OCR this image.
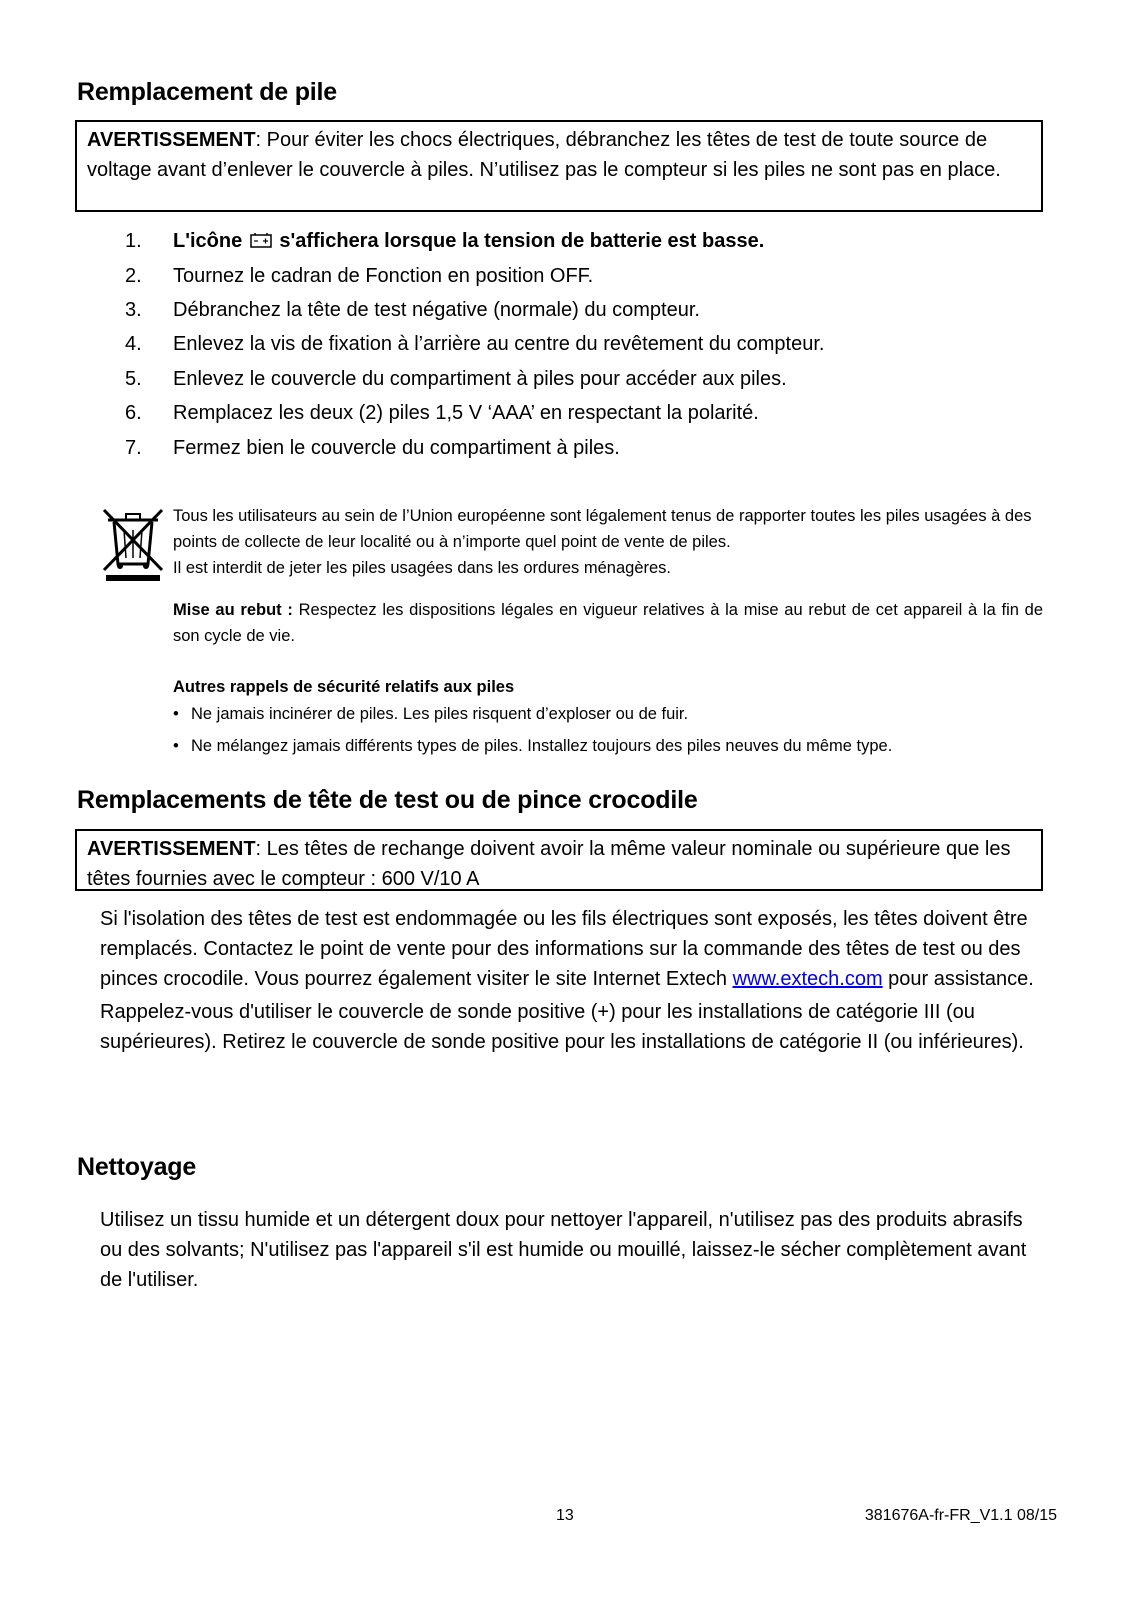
Remplacement de pile
AVERTISSEMENT: Pour éviter les chocs électriques, débranchez les têtes de test de toute source de voltage avant d’enlever le couvercle à piles. N’utilisez pas le compteur si les piles ne sont pas en place.
1.	L'icône s'affichera lorsque la tension de batterie est basse.
2.	Tournez le cadran de Fonction en position OFF.
3.	Débranchez la tête de test négative (normale) du compteur.
4.	Enlevez la vis de fixation à l’arrière au centre du revêtement du compteur.
5.	Enlevez le couvercle du compartiment à piles pour accéder aux piles.
6.	Remplacez les deux (2) piles 1,5 V ‘AAA’ en respectant la polarité.
7.	Fermez bien le couvercle du compartiment à piles.

Tous les utilisateurs au sein de l’Union européenne sont légalement tenus de rapporter toutes les piles usagées à des points de collecte de leur localité ou à n’importe quel point de vente de piles.

Il est interdit de jeter les piles usagées dans les ordures ménagères.

Mise au rebut : Respectez les dispositions légales en vigueur relatives à la mise au rebut de cet appareil à la fin de son cycle de vie.
Autres rappels de sécurité relatifs aux piles
• Ne jamais incinérer de piles. Les piles risquent d’exploser ou de fuir.
• Ne mélangez jamais différents types de piles. Installez toujours des piles neuves du même type.
Remplacements de tête de test ou de pince crocodile
AVERTISSEMENT: Les têtes de rechange doivent avoir la même valeur nominale ou supérieure que les têtes fournies avec le compteur : 600 V/10 A

Si l'isolation des têtes de test est endommagée ou les fils électriques sont exposés, les têtes doivent être remplacés. Contactez le point de vente pour des informations sur la commande des têtes de test ou des pinces crocodile. Vous pourrez également visiter le site Internet Extech www.extech.com pour assistance.

Rappelez-vous d'utiliser le couvercle de sonde positive (+) pour les installations de catégorie III (ou supérieures). Retirez le couvercle de sonde positive pour les installations de catégorie II (ou inférieures).

Nettoyage

Utilisez un tissu humide et un détergent doux pour nettoyer l'appareil, n'utilisez pas des produits abrasifs ou des solvants; N'utilisez pas l'appareil s'il est humide ou mouillé, laissez-le sécher complètement avant de l'utiliser.

13	381676A-fr-FR_V1.1 08/15
